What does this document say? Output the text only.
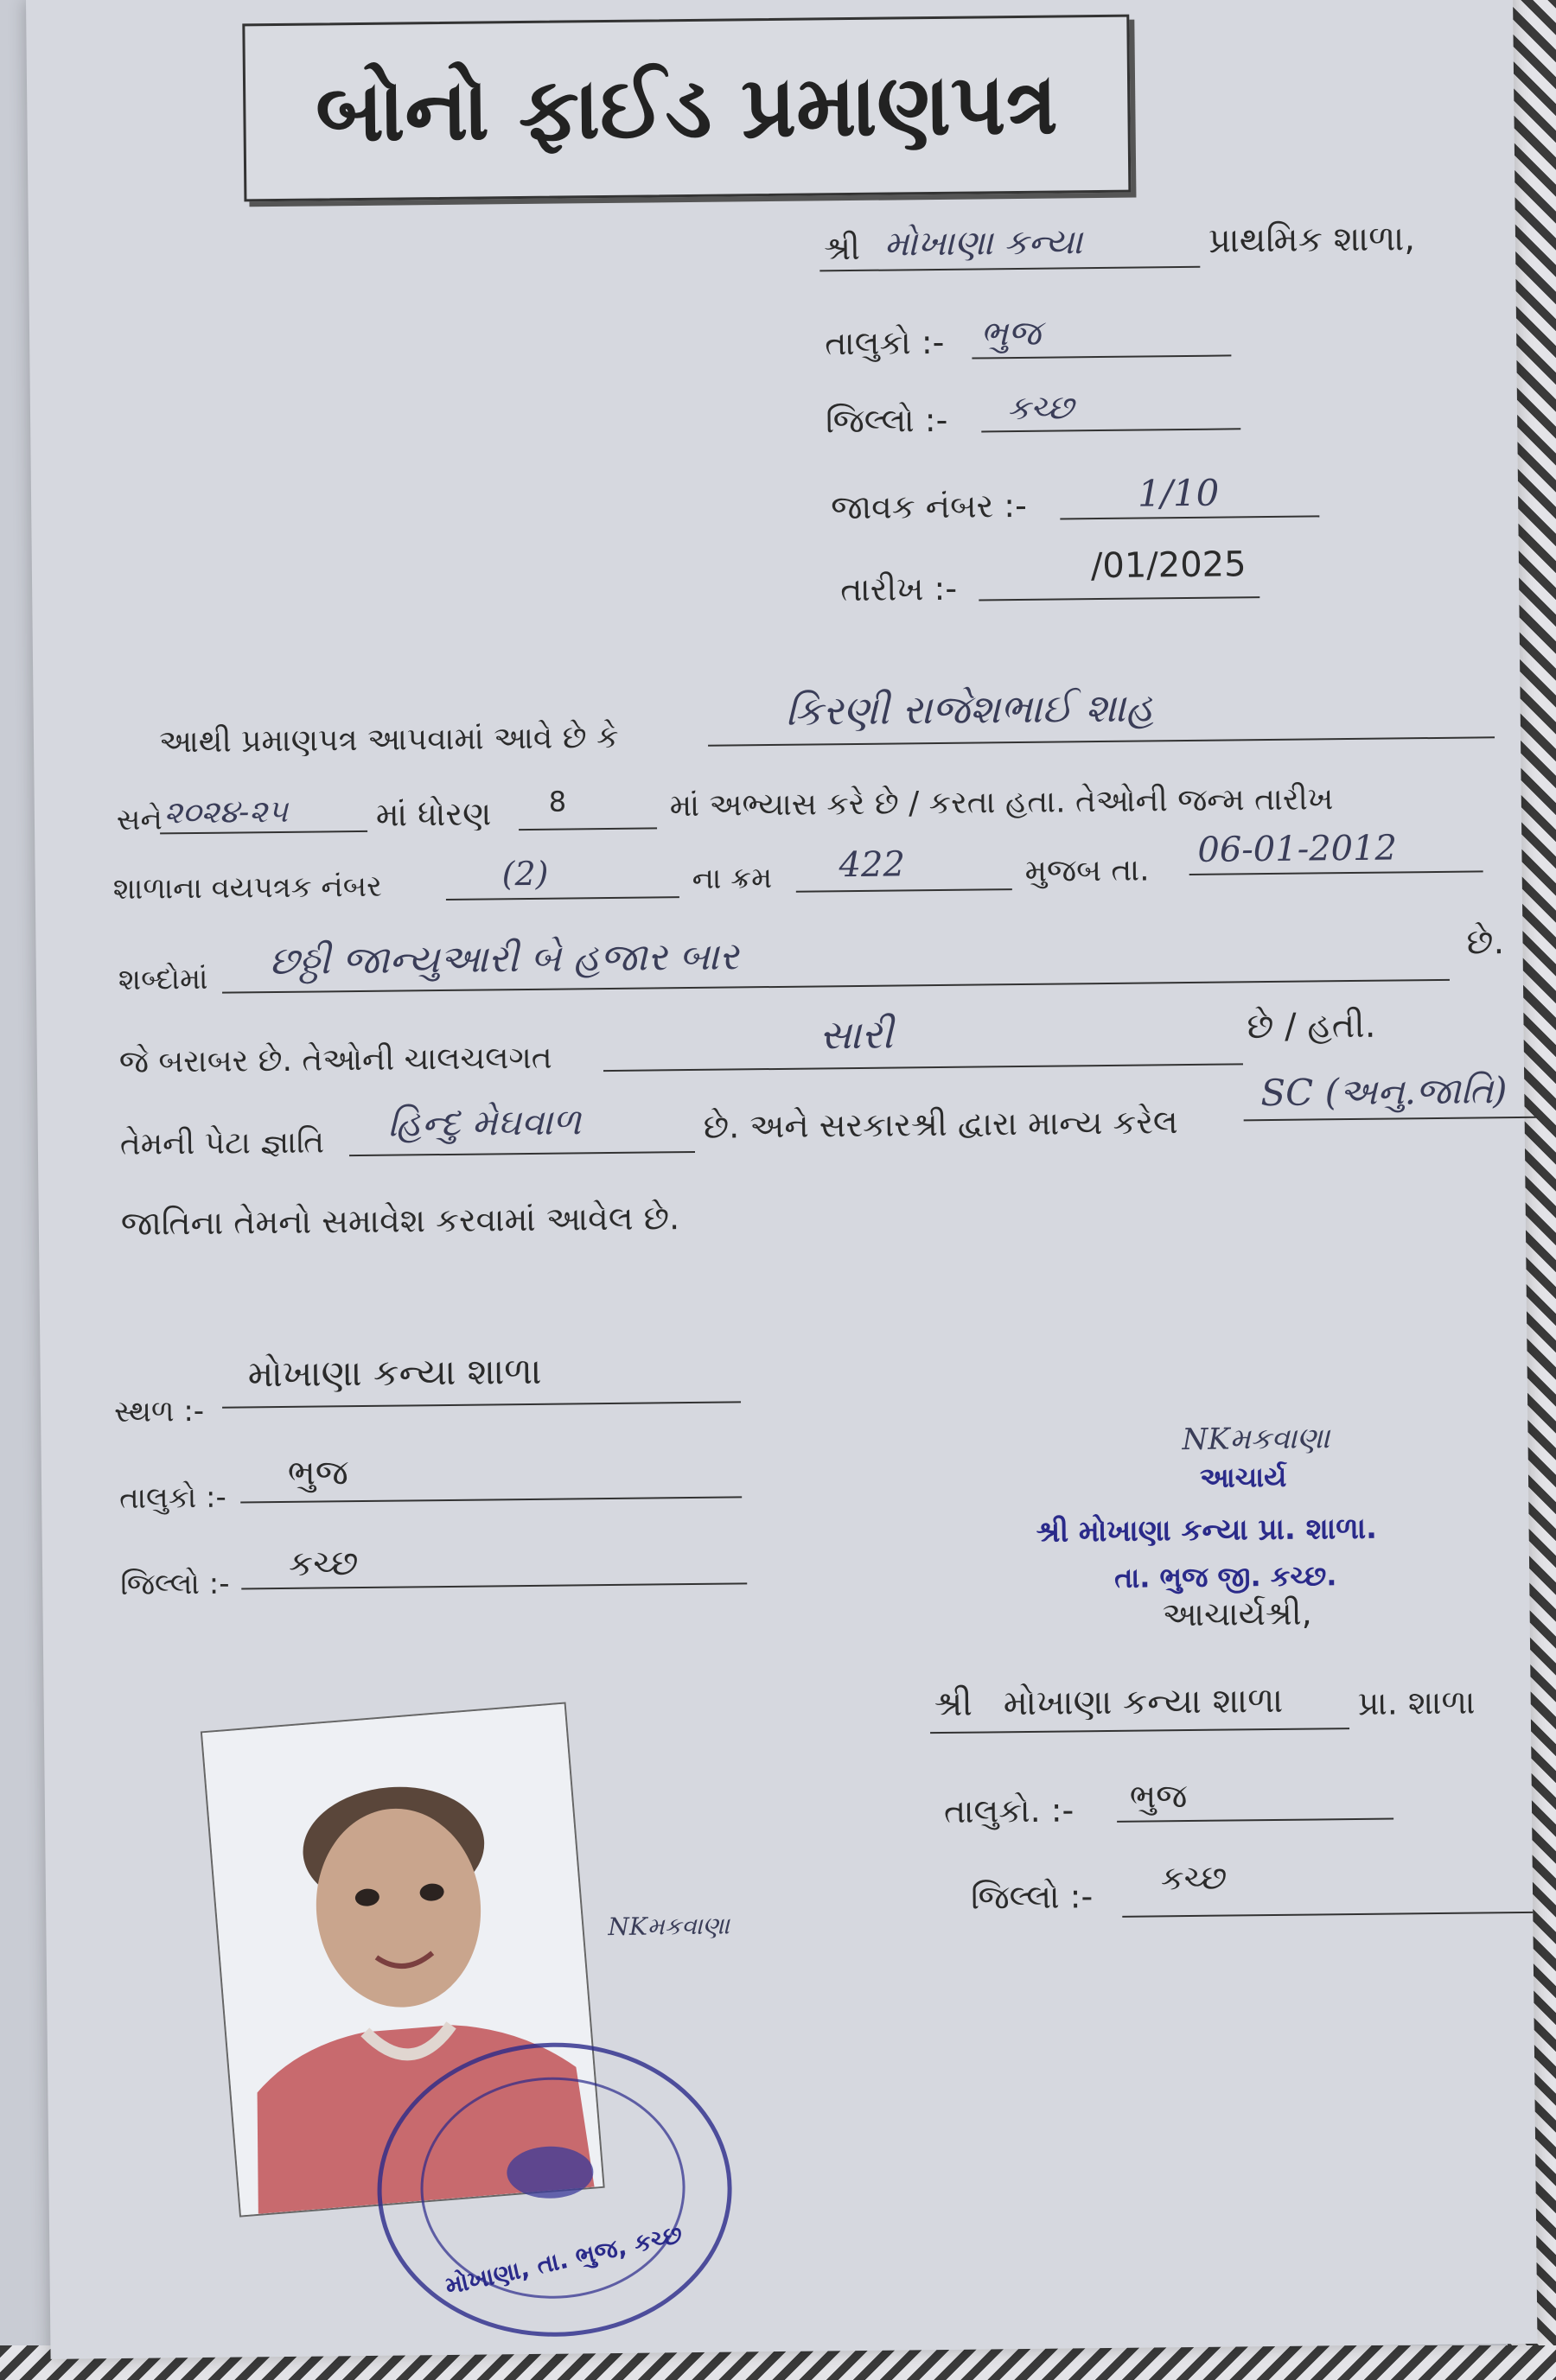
બોનો ફાઈડ પ્રમાણપત્ર
શ્રી મોખાણા કન્યા	પ્રાથમિક શાળા,
તાલુકો :- ભુજ
જિલ્લો :- કચ્છ
જાવક નંબર :-	1/10
તારીખ :-
/01/2025
આથી પ્રમાણપત્ર આપવામાં આવે છે કે
કિરણી રાજેશભાઈ શાહ
સને ૨૦૨૪-૨૫	માં ધોરણ 8	માં અભ્યાસ કરે છે / કરતા હતા. તેઓની જન્મ તારીખ
શાળાના વયપત્રક નંબર	(2)	ના ક્રમ 422	મુજબ તા.
06-01-2012
શબ્દોમાં છઠ્ઠી જાન્યુઆરી બે હજાર બાર	છે.
જે બરાબર છે. તેઓની ચાલચલગત
સારી	છે / હતી.
તેમની પેટા જ્ઞાતિ હિન્દુ મેઘવાળ	છે. અને સરકારશ્રી દ્વારા માન્ય કરેલ
SC (અનુ.જાતિ)
જાતિના તેમનો સમાવેશ કરવામાં આવેલ છે.
સ્થળ :-
મોખાણા કન્યા શાળા
તાલુકો :-
ભુજ
જિલ્લો :-
કચ્છ
NKમકવાણા
આચાર્ય
શ્રી મોખાણા કન્યા પ્રા. શાળા.
તા. ભુજ જી. કચ્છ.
આચાર્યશ્રી,
શ્રી મોખાણા કન્યા શાળા પ્રા. શાળા
તાલુકો. :- ભુજ
જિલ્લો :- કચ્છ
NKમકવાણા
મોખાણા, તા. ભુજ, કચ્છ
